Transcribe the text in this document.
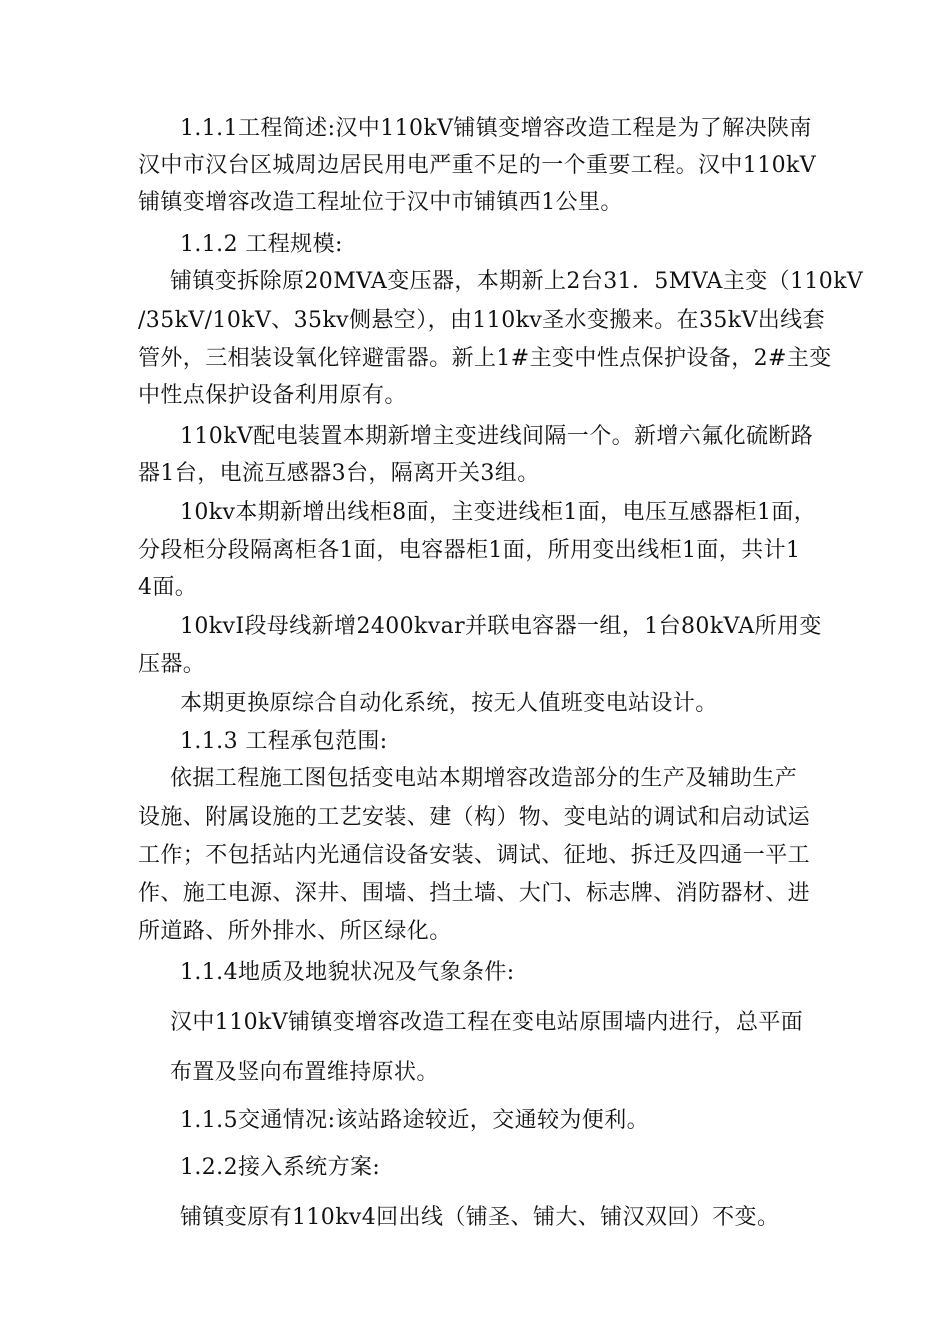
1.1.1工程简述:汉中110kV铺镇变增容改造工程是为了解决陕南
汉中市汉台区城周边居民用电严重不足的一个重要工程。汉中110kV
铺镇变增容改造工程址位于汉中市铺镇西1公里。
1.1.2 工程规模:
铺镇变拆除原20MVA变压器，本期新上2台31．5MVA主变（110kV
/35kV/10kV、35kv侧悬空），由110kv圣水变搬来。在35kV出线套
管外，三相装设氧化锌避雷器。新上1#主变中性点保护设备，2#主变
中性点保护设备利用原有。
110kV配电装置本期新增主变进线间隔一个。新增六氟化硫断路
器1台，电流互感器3台，隔离开关3组。
10kv本期新增出线柜8面，主变进线柜1面，电压互感器柜1面，
分段柜分段隔离柜各1面，电容器柜1面，所用变出线柜1面，共计1
4面。
10kvI段母线新增2400kvar并联电容器一组，1台80kVA所用变
压器。
本期更换原综合自动化系统，按无人值班变电站设计。
1.1.3 工程承包范围:
依据工程施工图包括变电站本期增容改造部分的生产及辅助生产
设施、附属设施的工艺安装、建（构）物、变电站的调试和启动试运
工作；不包括站内光通信设备安装、调试、征地、拆迁及四通一平工
作、施工电源、深井、围墙、挡土墙、大门、标志牌、消防器材、进
所道路、所外排水、所区绿化。
1.1.4地质及地貌状况及气象条件:
汉中110kV铺镇变增容改造工程在变电站原围墙内进行，总平面
布置及竖向布置维持原状。
1.1.5交通情况:该站路途较近，交通较为便利。
1.2.2接入系统方案:
铺镇变原有110kv4回出线（铺圣、铺大、铺汉双回）不变。
